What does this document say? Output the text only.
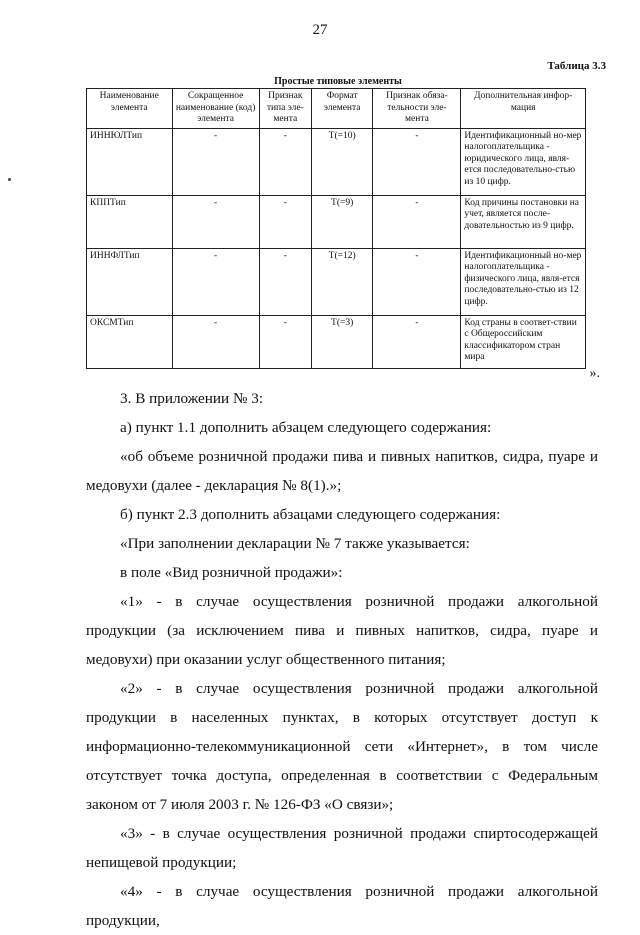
27
Таблица 3.3
Простые типовые элементы
Наименование элемента	Сокращенное наименование (код) элемента	Признак типа эле-мента	Формат элемента	Признак обяза-тельности эле-мента	Дополнительная инфор-мация
ИННЮЛТип	-	-	T(=10)	-	Идентификационный но-мер налогоплательщика - юридического лица, явля-ется последовательно-стью из 10 цифр.
КППТип	-	-	T(=9)	-	Код причины постановки на учет, является после-довательностью из 9 цифр.
ИННФЛТип	-	-	T(=12)	-	Идентификационный но-мер налогоплательщика - физического лица, явля-ется последовательно-стью из 12 цифр.
ОКСМТип	-	-	T(=3)	-	Код страны в соответ-ствии с Общероссийским классификатором стран мира
».

3. В приложении № 3:

а) пункт 1.1 дополнить абзацем следующего содержания:

«об объеме розничной продажи пива и пивных напитков, сидра, пуаре и медовухи (далее - декларация № 8(1).»;

б) пункт 2.3 дополнить абзацами следующего содержания:

«При заполнении декларации № 7 также указывается:

в поле «Вид розничной продажи»:

«1» - в случае осуществления розничной продажи алкогольной продукции (за исключением пива и пивных напитков, сидра, пуаре и медовухи) при оказании услуг общественного питания;

«2» - в случае осуществления розничной продажи алкогольной продукции в населенных пунктах, в которых отсутствует доступ к информационно-телекоммуникационной сети «Интернет», в том числе отсутствует точка доступа, определенная в соответствии с Федеральным законом от 7 июля 2003 г. № 126-ФЗ «О связи»;

«3» - в случае осуществления розничной продажи спиртосодержащей непищевой продукции;

«4» - в случае осуществления розничной продажи алкогольной продукции,
